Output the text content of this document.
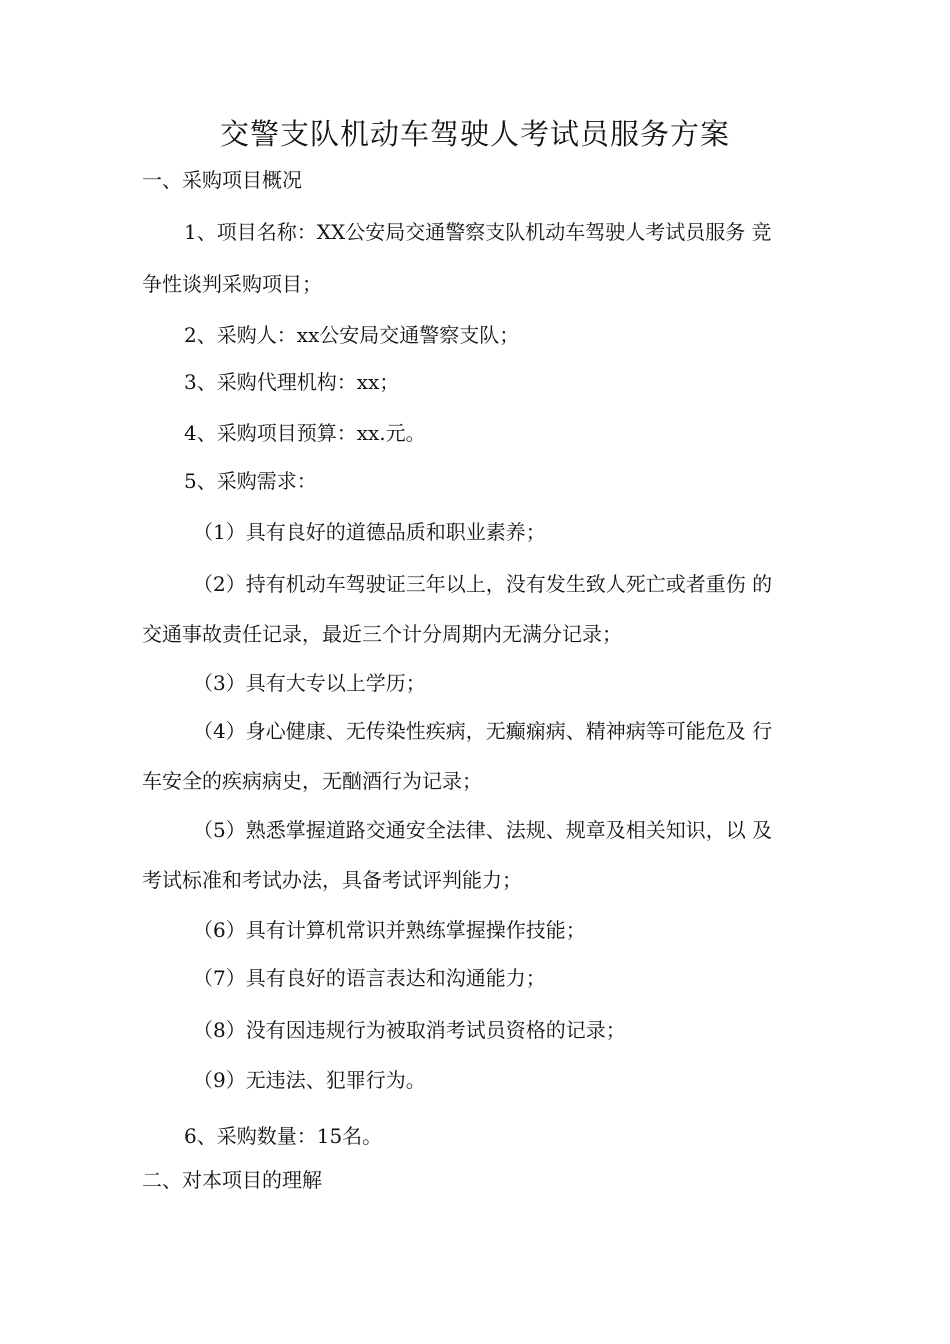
交警支队机动车驾驶人考试员服务方案
一、采购项目概况
1、项目名称：XX公安局交通警察支队机动车驾驶人考试员服务 竞
争性谈判采购项目；
2、采购人：xx公安局交通警察支队；
3、采购代理机构：xx；
4、采购项目预算：xx.元。
5、采购需求：
（1）具有良好的道德品质和职业素养；
（2）持有机动车驾驶证三年以上，没有发生致人死亡或者重伤 的
交通事故责任记录，最近三个计分周期内无满分记录；
（3）具有大专以上学历；
（4）身心健康、无传染性疾病，无癫痫病、精神病等可能危及 行
车安全的疾病病史，无酗酒行为记录；
（5）熟悉掌握道路交通安全法律、法规、规章及相关知识，以 及
考试标准和考试办法，具备考试评判能力；
（6）具有计算机常识并熟练掌握操作技能；
（7）具有良好的语言表达和沟通能力；
（8）没有因违规行为被取消考试员资格的记录；
（9）无违法、犯罪行为。
6、采购数量：15名。
二、对本项目的理解
